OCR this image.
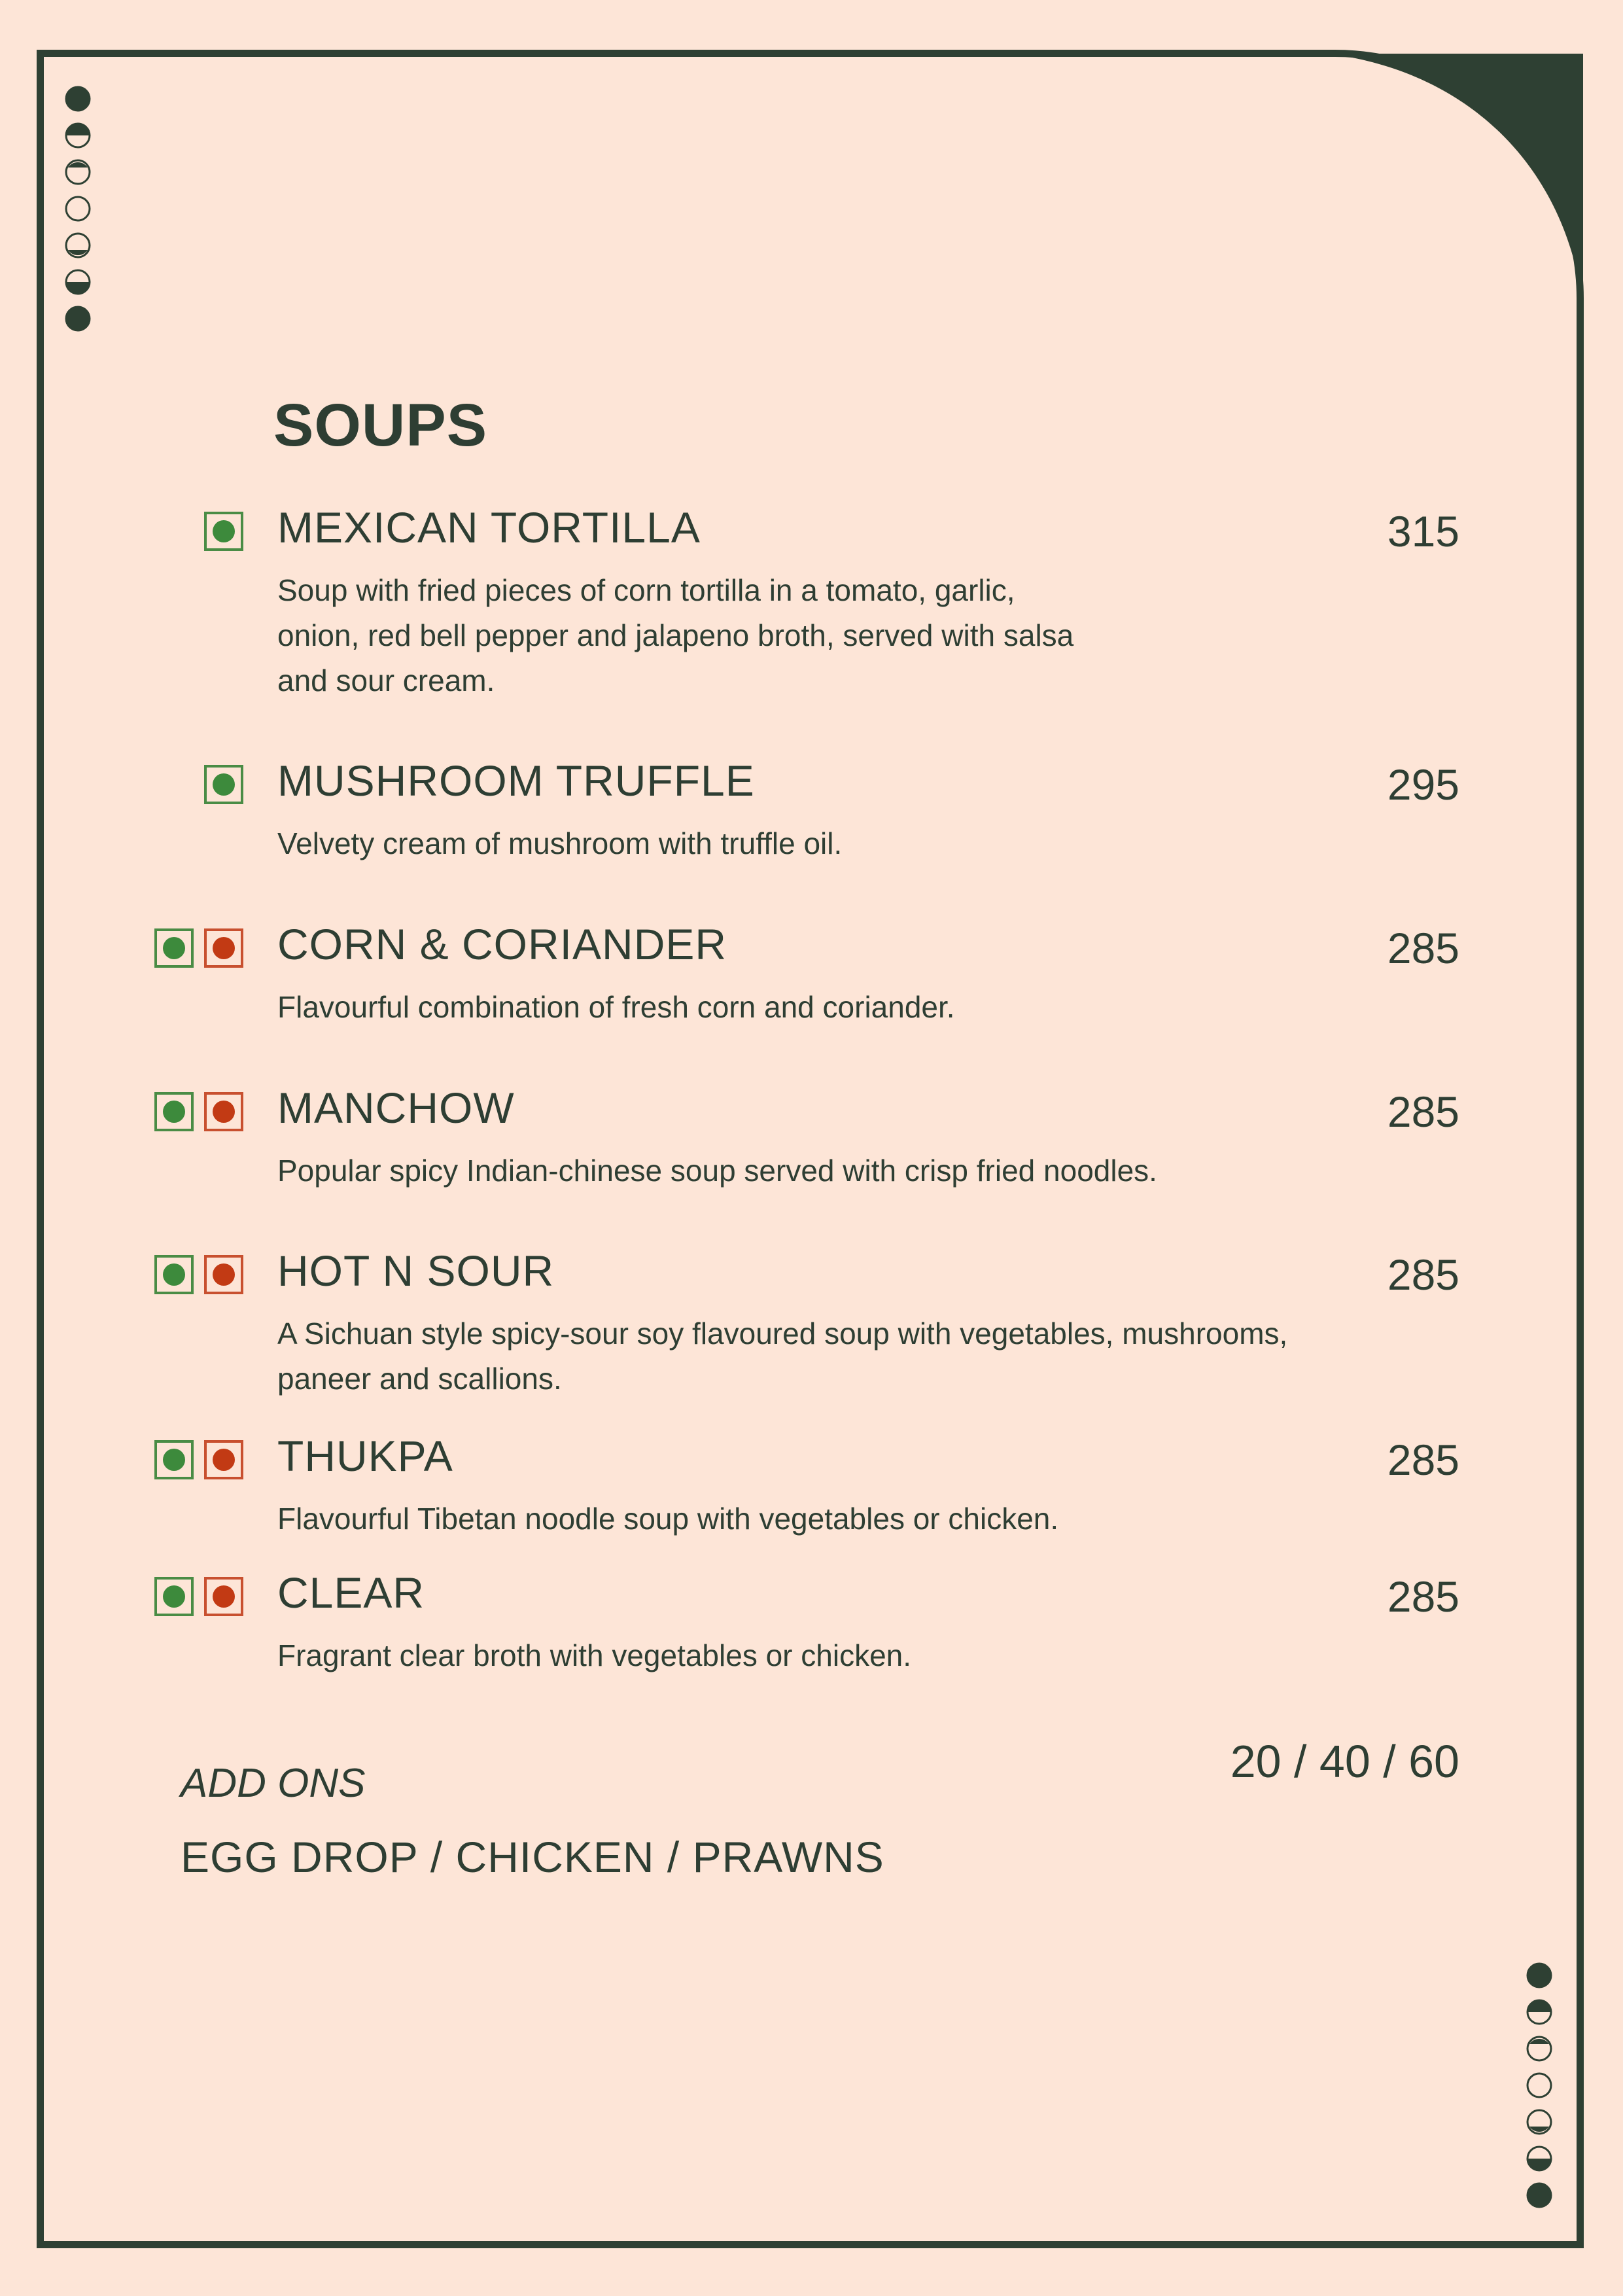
SOUPS
MEXICAN TORTILLA	315
Soup with fried pieces of corn tortilla in a tomato, garlic,
onion, red bell pepper and jalapeno broth, served with salsa
and sour cream.
MUSHROOM TRUFFLE	295
Velvety cream of mushroom with truffle oil.
CORN & CORIANDER	285
Flavourful combination of fresh corn and coriander.
MANCHOW	285
Popular spicy Indian-chinese soup served with crisp fried noodles.
HOT N SOUR	285
A Sichuan style spicy-sour soy flavoured soup with vegetables, mushrooms,
paneer and scallions.
THUKPA	285
Flavourful Tibetan noodle soup with vegetables or chicken.
CLEAR	285
Fragrant clear broth with vegetables or chicken.
ADD ONS
EGG DROP / CHICKEN / PRAWNS
20 / 40 / 60
